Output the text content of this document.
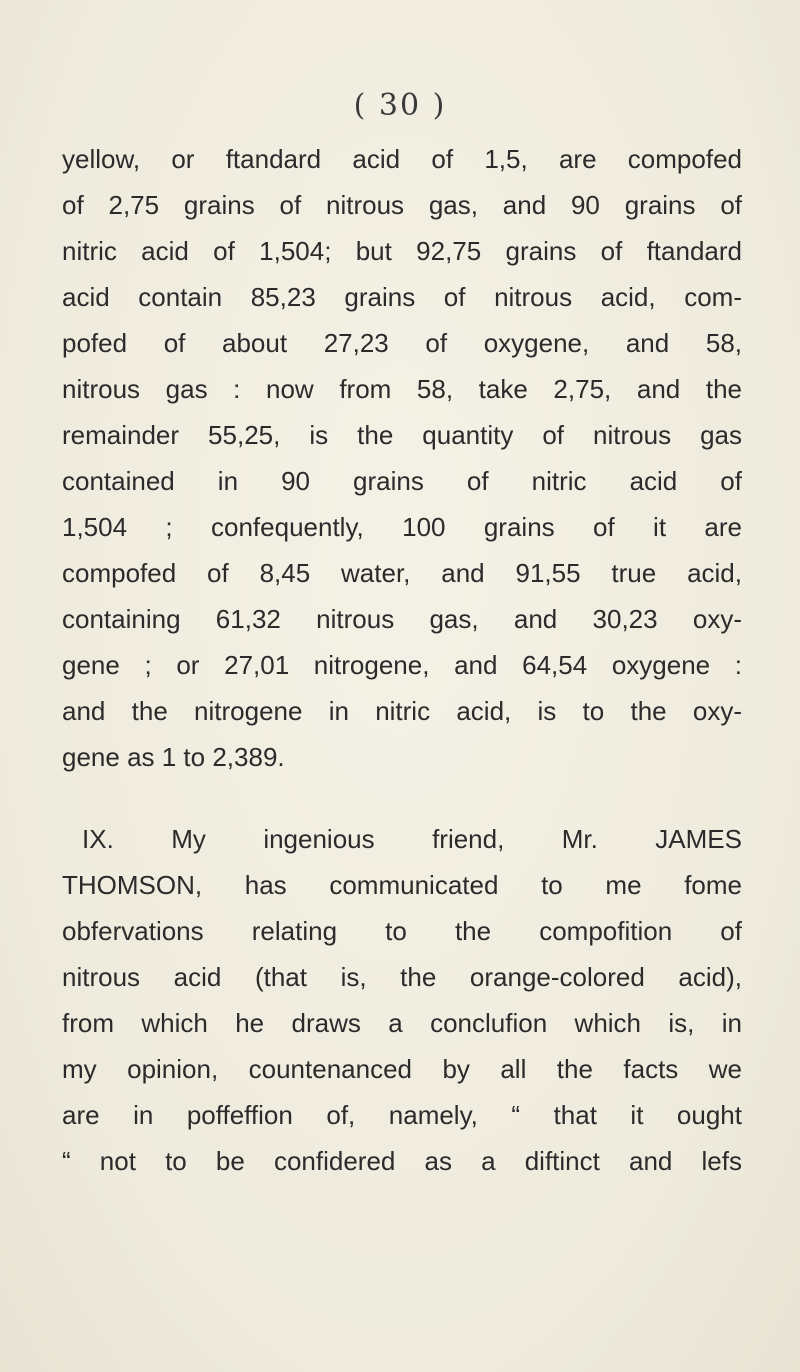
( 30 )
yellow, or ftandard acid of 1,5, are compofed
of 2,75 grains of nitrous gas, and 90 grains of
nitric acid of 1,504; but 92,75 grains of ftandard
acid contain 85,23 grains of nitrous acid, com-
pofed of about 27,23 of oxygene, and 58,
nitrous gas : now from 58, take 2,75, and the
remainder 55,25, is the quantity of nitrous gas
contained in 90 grains of nitric acid of
1,504 ; confequently, 100 grains of it are
compofed of 8,45 water, and 91,55 true acid,
containing 61,32 nitrous gas, and 30,23 oxy-
gene ; or 27,01 nitrogene, and 64,54 oxygene :
and the nitrogene in nitric acid, is to the oxy-
gene as 1 to 2,389.
IX. My ingenious friend, Mr. JAMES
THOMSON, has communicated to me fome
obfervations relating to the compofition of
nitrous acid (that is, the orange-colored acid),
from which he draws a conclufion which is, in
my opinion, countenanced by all the facts we
are in poffeffion of, namely, “ that it ought
“ not to be confidered as a diftinct and lefs
